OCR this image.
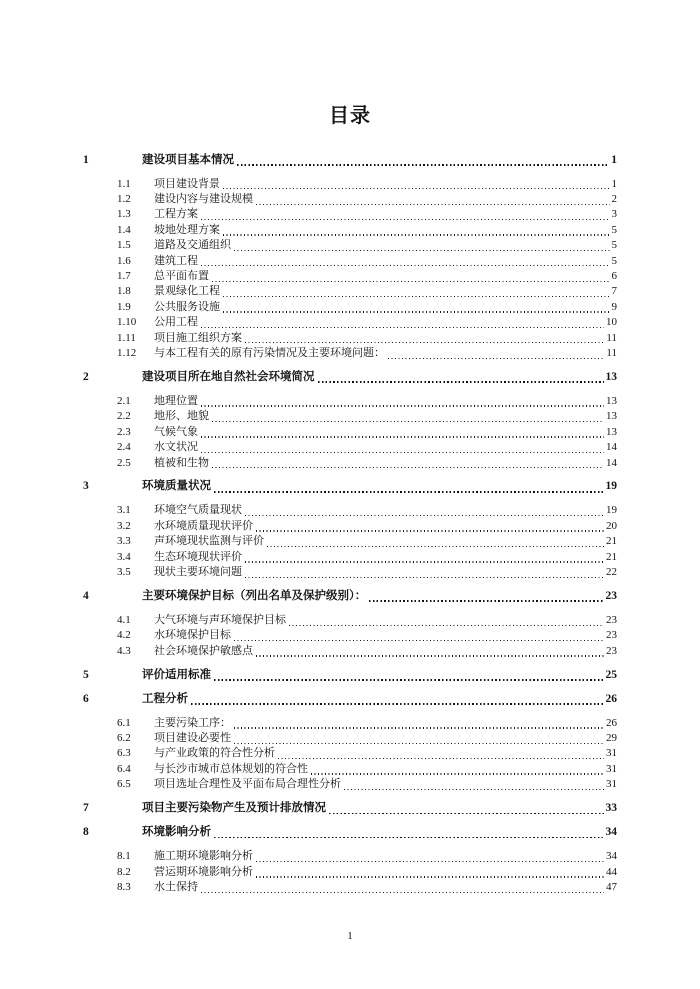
目录
1	建设项目基本情况	1
1.1	项目建设背景	1
1.2	建设内容与建设规模	2
1.3	工程方案	3
1.4	坡地处理方案	5
1.5	道路及交通组织	5
1.6	建筑工程	5
1.7	总平面布置	6
1.8	景观绿化工程	7
1.9	公共服务设施	9
1.10	公用工程	10
1.11	项目施工组织方案	11
1.12	与本工程有关的原有污染情况及主要环境问题：	11
2	建设项目所在地自然社会环境简况	13
2.1	地理位置	13
2.2	地形、地貌	13
2.3	气候气象	13
2.4	水文状况	14
2.5	植被和生物	14
3	环境质量状况	19
3.1	环境空气质量现状	19
3.2	水环境质量现状评价	20
3.3	声环境现状监测与评价	21
3.4	生态环境现状评价	21
3.5	现状主要环境问题	22
4	主要环境保护目标（列出名单及保护级别）：	23
4.1	大气环境与声环境保护目标	23
4.2	水环境保护目标	23
4.3	社会环境保护敏感点	23
5	评价适用标准	25
6	工程分析	26
6.1	主要污染工序：	26
6.2	项目建设必要性	29
6.3	与产业政策的符合性分析	31
6.4	与长沙市城市总体规划的符合性	31
6.5	项目选址合理性及平面布局合理性分析	31
7	项目主要污染物产生及预计排放情况	33
8	环境影响分析	34
8.1	施工期环境影响分析	34
8.2	营运期环境影响分析	44
8.3	水土保持	47
1
